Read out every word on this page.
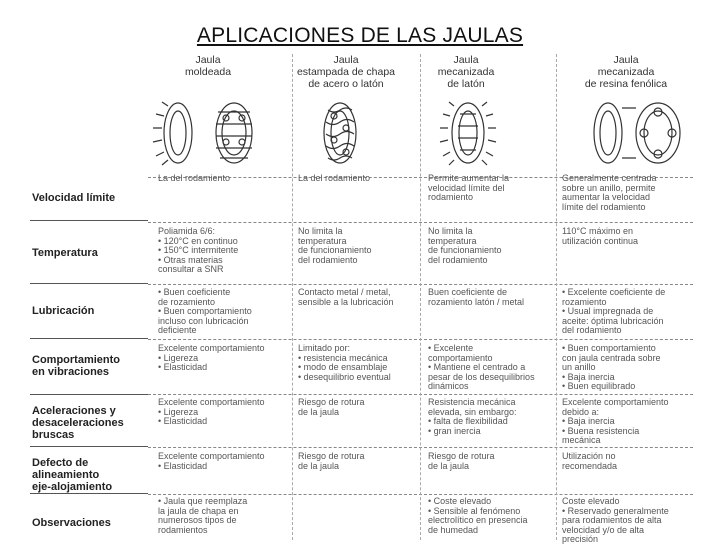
APLICACIONES DE LAS JAULAS
Jaula
moldeada
Jaula
estampada de chapa
de acero o latón
Jaula
mecanizada
de latón
Jaula
mecanizada
de resina fenólica
Velocidad límite
Temperatura
Lubricación
Comportamiento
en vibraciones
Aceleraciones y
desaceleraciones
bruscas
Defecto de
alineamiento
eje-alojamiento
Observaciones
La del rodamiento	La del rodamiento	Permite aumentar la
velocidad límite del
rodamiento
Generalmente centrada
sobre un anillo, permite
aumentar la velocidad
límite del rodamiento
Poliamida 6/6:
• 120°C en continuo
• 150°C intermitente
• Otras materias
consultar a SNR
No limita la
temperatura
de funcionamiento
del rodamiento
No limita la
temperatura
de funcionamiento
del rodamiento
110°C máximo en
utilización continua
• Buen coeficiente
de rozamiento
• Buen comportamiento
incluso con lubricación
deficiente
Contacto metal / metal,
sensible a la lubricación
Buen coeficiente de
rozamiento latón / metal
• Excelente coeficiente de
rozamiento
• Usual impregnada de
aceite: óptima lubricación
del rodamiento
Excelente comportamiento
• Ligereza
• Elasticidad
Limitado por:
• resistencia mecánica
• modo de ensamblaje
• desequilibrio eventual
• Excelente
comportamiento
• Mantiene el centrado a
pesar de los desequilibrios
dinámicos
• Buen comportamiento
con jaula centrada sobre
un anillo
• Baja inercia
• Buen equilibrado
Excelente comportamiento
• Ligereza
• Elasticidad
Riesgo de rotura
de la jaula
Resistencia mecánica
elevada, sin embargo:
• falta de flexibilidad
• gran inercia
Excelente comportamiento
debido a:
• Baja inercia
• Buena resistencia
mecánica
Excelente comportamiento
• Elasticidad
Riesgo de rotura
de la jaula
Riesgo de rotura
de la jaula
Utilización no
recomendada
• Jaula que reemplaza
la jaula de chapa en
numerosos tipos de
rodamientos
• Coste elevado
• Sensible al fenómeno
electrolítico en presencia
de humedad
Coste elevado
• Reservado generalmente
para rodamientos de alta
velocidad y/o de alta
precisión
